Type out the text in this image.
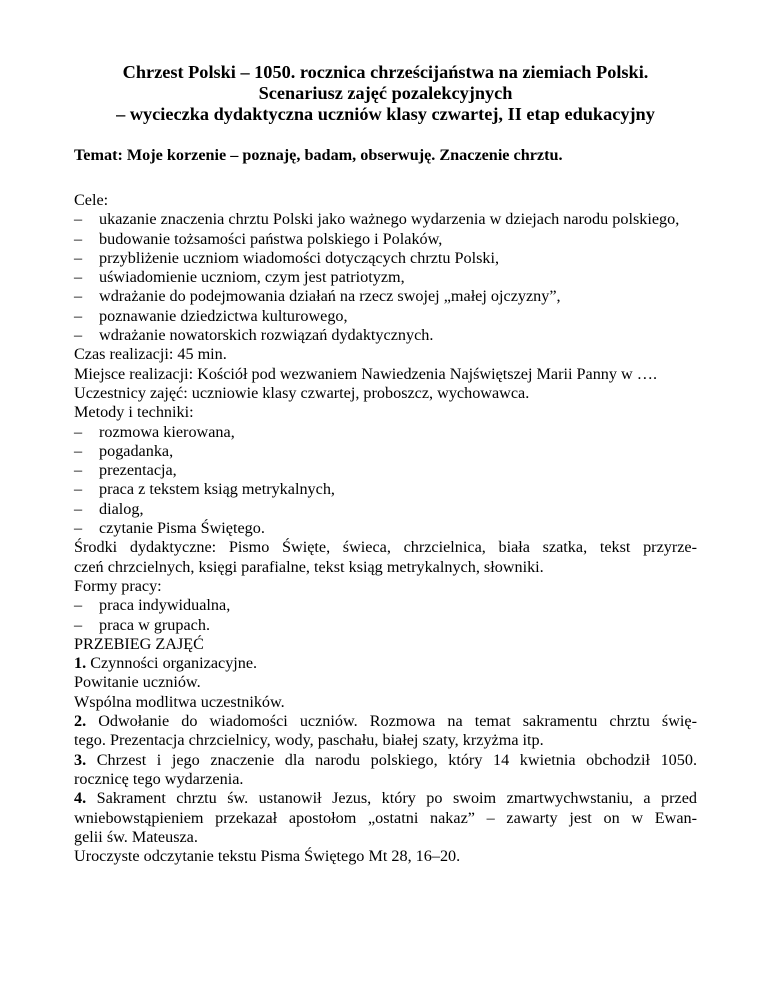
Chrzest Polski – 1050. rocznica chrześcijaństwa na ziemiach Polski.
Scenariusz zajęć pozalekcyjnych
– wycieczka dydaktyczna uczniów klasy czwartej, II etap edukacyjny
Temat: Moje korzenie – poznaję, badam, obserwuję. Znaczenie chrztu.
Cele:
– ukazanie znaczenia chrztu Polski jako ważnego wydarzenia w dziejach narodu polskiego,
– budowanie tożsamości państwa polskiego i Polaków,
– przybliżenie uczniom wiadomości dotyczących chrztu Polski,
– uświadomienie uczniom, czym jest patriotyzm,
– wdrażanie do podejmowania działań na rzecz swojej „małej ojczyzny”,
– poznawanie dziedzictwa kulturowego,
– wdrażanie nowatorskich rozwiązań dydaktycznych.
Czas realizacji: 45 min.
Miejsce realizacji: Kościół pod wezwaniem Nawiedzenia Najświętszej Marii Panny w ….
Uczestnicy zajęć: uczniowie klasy czwartej, proboszcz, wychowawca.
Metody i techniki:
– rozmowa kierowana,
– pogadanka,
– prezentacja,
– praca z tekstem ksiąg metrykalnych,
– dialog,
– czytanie Pisma Świętego.
Środki dydaktyczne: Pismo Święte, świeca, chrzcielnica, biała szatka, tekst przyrze-
czeń chrzcielnych, księgi parafialne, tekst ksiąg metrykalnych, słowniki.
Formy pracy:
– praca indywidualna,
– praca w grupach.
PRZEBIEG ZAJĘĆ
1. Czynności organizacyjne.
Powitanie uczniów.
Wspólna modlitwa uczestników.
2. Odwołanie do wiadomości uczniów. Rozmowa na temat sakramentu chrztu świę-
tego. Prezentacja chrzcielnicy, wody, paschału, białej szaty, krzyżma itp.
3. Chrzest i jego znaczenie dla narodu polskiego, który 14 kwietnia obchodził 1050.
rocznicę tego wydarzenia.
4. Sakrament chrztu św. ustanowił Jezus, który po swoim zmartwychwstaniu, a przed
wniebowstąpieniem przekazał apostołom „ostatni nakaz” – zawarty jest on w Ewan-
gelii św. Mateusza.
Uroczyste odczytanie tekstu Pisma Świętego Mt 28, 16–20.
